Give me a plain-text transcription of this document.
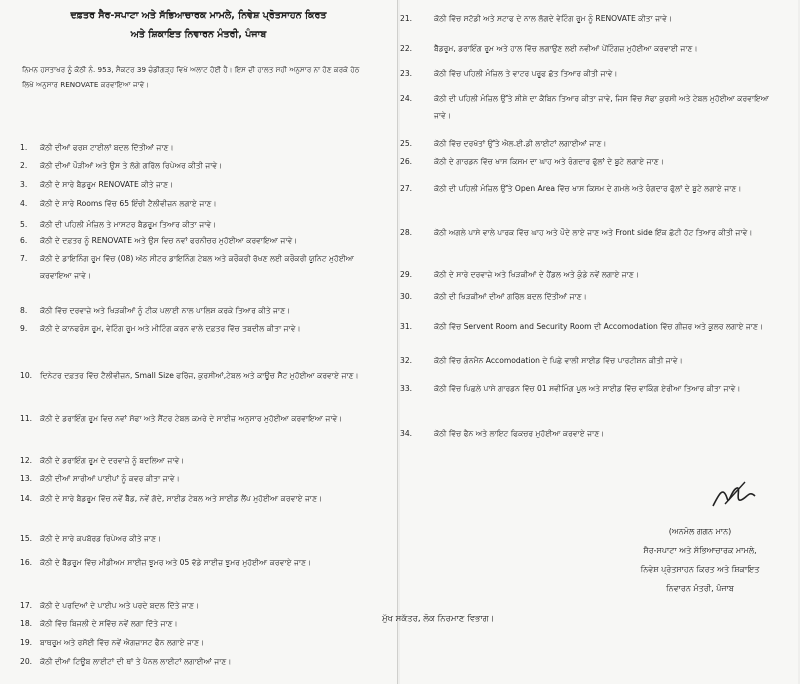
ਦਫ਼ਤਰ ਸੈਰ-ਸਪਾਟਾ ਅਤੇ ਸੱਭਿਆਚਾਰਕ ਮਾਮਲੇ, ਨਿਵੇਸ਼ ਪ੍ਰੋਤਸਾਹਨ ਕਿਰਤ
ਅਤੇ ਸ਼ਿਕਾਇਤ ਨਿਵਾਰਨ ਮੰਤਰੀ, ਪੰਜਾਬ
ਨਿਮਨ ਹਸਤਾਖਰ ਨੂੰ ਕੋਠੀ ਨੰ. 953, ਸੈਕਟਰ 39 ਚੰਡੀਗੜ੍ਹ ਵਿਖੇ ਅਲਾਟ ਹੋਈ ਹੈ। ਇਸ ਦੀ ਹਾਲਤ ਸਹੀ ਅਨੁਸਾਰ ਨਾ ਹੋਣ ਕਰਕੇ ਹੇਠ ਲਿਖੇ ਅਨੁਸਾਰ RENOVATE ਕਰਵਾਇਆ ਜਾਵੇ।
1.	ਕੋਠੀ ਦੀਆਂ ਫਰਸ਼ ਟਾਈਲਾਂ ਬਦਲ ਦਿੱਤੀਆਂ ਜਾਣ।
2.	ਕੋਠੀ ਦੀਆਂ ਪੌੜੀਆਂ ਅਤੇ ਉਸ ਤੇ ਲੱਗੇ ਗਰਿੱਲ ਰਿਪੇਅਰ ਕੀਤੀ ਜਾਵੇ।
3.	ਕੋਠੀ ਦੇ ਸਾਰੇ ਬੈਡਰੂਮ RENOVATE ਕੀਤੇ ਜਾਣ।
4.	ਕੋਠੀ ਦੇ ਸਾਰੇ Rooms ਵਿੱਚ 65 ਇੰਚੀ ਟੈਲੀਵੀਜ਼ਨ ਲਗਾਏ ਜਾਣ।
5.	ਕੋਠੀ ਦੀ ਪਹਿਲੀ ਮੰਜ਼ਿਲ ਤੇ ਮਾਸਟਰ ਬੈਡਰੂਮ ਤਿਆਰ ਕੀਤਾ ਜਾਵੇ।
6.	ਕੋਠੀ ਦੇ ਦਫ਼ਤਰ ਨੂੰ RENOVATE ਅਤੇ ਉਸ ਵਿਚ ਨਵਾਂ ਫਰਨੀਚਰ ਮੁਹੱਈਆ ਕਰਵਾਇਆ ਜਾਵੇ।
7.	ਕੋਠੀ ਦੇ ਡਾਇਨਿੰਗ ਰੂਮ ਵਿੱਚ (08) ਅੱਠ ਸੀਟਰ ਡਾਇਨਿੰਗ ਟੇਬਲ ਅਤੇ ਕਰੌਕਰੀ ਰੱਖਣ ਲਈ ਕਰੌਕਰੀ ਯੂਨਿਟ ਮੁਹੱਈਆ ਕਰਵਾਇਆ ਜਾਵੇ।
8.	ਕੋਠੀ ਵਿੱਚ ਦਰਵਾਜ਼ੇ ਅਤੇ ਖਿੜਕੀਆਂ ਨੂੰ ਟੀਕ ਪਲਾਈ ਨਾਲ ਪਾਲਿਸ਼ ਕਰਕੇ ਤਿਆਰ ਕੀਤੇ ਜਾਣ।
9.	ਕੋਠੀ ਦੇ ਕਾਨਫਰੰਸ ਰੂਮ, ਵੇਟਿੰਗ ਰੂਮ ਅਤੇ ਮੀਟਿੰਗ ਕਰਨ ਵਾਲੇ ਦਫ਼ਤਰ ਵਿੱਚ ਤਬਦੀਲ ਕੀਤਾ ਜਾਵੇ।
10.	ਦਿਨੇਟਰ ਦਫ਼ਤਰ ਵਿੱਚ ਟੈਲੀਵੀਜ਼ਨ, Small Size ਫਰਿੱਜ, ਕੁਰਸੀਆਂ,ਟੇਬਲ ਅਤੇ ਕਾਊਚ ਸੈੱਟ ਮੁਹੱਈਆ ਕਰਵਾਏ ਜਾਣ।
11.	ਕੋਠੀ ਦੇ ਡਰਾਇੰਗ ਰੂਮ ਵਿਚ ਨਵਾਂ ਸੋਫਾ ਅਤੇ ਸੈਂਟਰ ਟੇਬਲ ਕਮਰੇ ਦੇ ਸਾਈਜ਼ ਅਨੁਸਾਰ ਮੁਹੱਈਆ ਕਰਵਾਇਆ ਜਾਵੇ।
12.	ਕੋਠੀ ਦੇ ਡਰਾਇੰਗ ਰੂਮ ਦੇ ਦਰਵਾਜ਼ੇ ਨੂੰ ਬਦਲਿਆ ਜਾਵੇ।
13.	ਕੋਠੀ ਦੀਆਂ ਸਾਰੀਆਂ ਪਾਈਪਾਂ ਨੂੰ ਕਵਰ ਕੀਤਾ ਜਾਵੇ।
14.	ਕੋਠੀ ਦੇ ਸਾਰੇ ਬੈਡਰੂਮ ਵਿੱਚ ਨਵੇਂ ਬੈੱਡ, ਨਵੇਂ ਗੱਦੇ, ਸਾਈਡ ਟੇਬਲ ਅਤੇ ਸਾਈਡ ਲੈਂਪ ਮੁਹੱਈਆ ਕਰਵਾਏ ਜਾਣ।
15.	ਕੋਠੀ ਦੇ ਸਾਰੇ ਕਪਬੋਰਡ ਰਿਪੇਅਰ ਕੀਤੇ ਜਾਣ।
16.	ਕੋਠੀ ਦੇ ਬੈੱਡਰੂਮ ਵਿੱਚ ਮੀਡੀਅਮ ਸਾਈਜ਼ ਝੂਮਰ ਅਤੇ 05 ਵੱਡੇ ਸਾਈਜ਼ ਝੂਮਰ ਮੁਹੱਈਆ ਕਰਵਾਏ ਜਾਣ।
17.	ਕੋਠੀ ਦੇ ਪਰਦਿਆਂ ਦੇ ਪਾਈਪ ਅਤੇ ਪਰਦੇ ਬਦਲ ਦਿੱਤੇ ਜਾਣ।
18.	ਕੋਠੀ ਵਿੱਚ ਬਿਜਲੀ ਦੇ ਸਵਿੱਚ ਨਵੇਂ ਲਗਾ ਦਿੱਤੇ ਜਾਣ।
19.	ਬਾਥਰੂਮ ਅਤੇ ਰਸੋਈ ਵਿੱਚ ਨਵੇਂ ਐਗਜ਼ਾਸਟ ਫੈਨ ਲਗਾਏ ਜਾਣ।
20.	ਕੋਠੀ ਦੀਆਂ ਟਿਊਬ ਲਾਈਟਾਂ ਦੀ ਥਾਂ ਤੇ ਪੈਨਲ ਲਾਈਟਾਂ ਲਗਾਈਆਂ ਜਾਣ।
21.	ਕੋਠੀ ਵਿੱਚ ਸਟੱਡੀ ਅਤੇ ਸਟਾਫ ਦੇ ਨਾਲ ਲੱਗਦੇ ਵੇਟਿੰਗ ਰੂਮ ਨੂੰ RENOVATE ਕੀਤਾ ਜਾਵੇ।
22.	ਬੈੱਡਰੂਮ, ਡਰਾਇੰਗ ਰੂਮ ਅਤੇ ਹਾਲ ਵਿੱਚ ਲਗਾਉਣ ਲਈ ਨਵੀਆਂ ਪੇਂਟਿੰਗਜ਼ ਮੁਹੱਈਆ ਕਰਵਾਈ ਜਾਣ।
23.	ਕੋਠੀ ਵਿੱਚ ਪਹਿਲੀ ਮੰਜ਼ਿਲ ਤੇ ਵਾਟਰ ਪਰੂਫ ਛੱਤ ਤਿਆਰ ਕੀਤੀ ਜਾਵੇ।
24.	ਕੋਠੀ ਦੀ ਪਹਿਲੀ ਮੰਜ਼ਿਲ ਉੱਤੇ ਸ਼ੀਸ਼ੇ ਦਾ ਕੈਬਿਨ ਤਿਆਰ ਕੀਤਾ ਜਾਵੇ, ਜਿਸ ਵਿੱਚ ਸੋਫਾ ਕੁਰਸੀ ਅਤੇ ਟੇਬਲ ਮੁਹੱਈਆ ਕਰਵਾਇਆ ਜਾਵੇ।
25.	ਕੋਠੀ ਵਿੱਚ ਦਰਖੱਤਾਂ ਉੱਤੇ ਐਲ.ਈ.ਡੀ ਲਾਈਟਾਂ ਲਗਾਈਆਂ ਜਾਣ।
26.	ਕੋਠੀ ਦੇ ਗਾਰਡਨ ਵਿੱਚ ਖਾਸ ਕਿਸਮ ਦਾ ਘਾਹ ਅਤੇ ਰੰਗਦਾਰ ਫੁੱਲਾਂ ਦੇ ਬੂਟੇ ਲਗਾਏ ਜਾਣ।
27.	ਕੋਠੀ ਦੀ ਪਹਿਲੀ ਮੰਜ਼ਿਲ ਉੱਤੇ Open Area ਵਿੱਚ ਖਾਸ ਕਿਸਮ ਦੇ ਗਮਲੇ ਅਤੇ ਰੰਗਦਾਰ ਫੁੱਲਾਂ ਦੇ ਬੂਟੇ ਲਗਾਏ ਜਾਣ।
28.	ਕੋਠੀ ਅਗਲੇ ਪਾਸੇ ਵਾਲੇ ਪਾਰਕ ਵਿੱਚ ਘਾਹ ਅਤੇ ਪੌਦੇ ਲਾਏ ਜਾਣ ਅਤੇ Front side ਇੱਕ ਛੋਟੀ ਹੱਟ ਤਿਆਰ ਕੀਤੀ ਜਾਵੇ।
29.	ਕੋਠੀ ਦੇ ਸਾਰੇ ਦਰਵਾਜ਼ੇ ਅਤੇ ਖਿੜਕੀਆਂ ਦੇ ਹੈਂਡਲ ਅਤੇ ਕੁੰਡੇ ਨਵੇਂ ਲਗਾਏ ਜਾਣ।
30.	ਕੋਠੀ ਦੀ ਖਿੜਕੀਆਂ ਦੀਆਂ ਗਰਿੱਲ ਬਦਲ ਦਿੱਤੀਆਂ ਜਾਣ।
31.	ਕੋਠੀ ਵਿੱਚ Servent Room and Security Room ਦੀ Accomodation ਵਿੱਚ ਗੀਜ਼ਰ ਅਤੇ ਕੂਲਰ ਲਗਾਏ ਜਾਣ।
32.	ਕੋਠੀ ਵਿੱਚ ਗੰਨਮੈਨ Accomodation ਦੇ ਪਿਛੇ ਵਾਲੀ ਸਾਈਡ ਵਿੱਚ ਪਾਰਟੀਸ਼ਨ ਕੀਤੀ ਜਾਵੇ।
33.	ਕੋਠੀ ਵਿੱਚ ਪਿਛਲੇ ਪਾਸੇ ਗਾਰਡਨ ਵਿੱਚ 01 ਸਵੀਮਿੰਗ ਪੂਲ ਅਤੇ ਸਾਈਡ ਵਿੱਚ ਵਾਕਿੰਗ ਏਰੀਆ ਤਿਆਰ ਕੀਤਾ ਜਾਵੇ।
34.	ਕੋਠੀ ਵਿੱਚ ਫੈਨ ਅਤੇ ਲਾਇਟ ਫਿਕਚਰ ਮੁਹੱਈਆ ਕਰਵਾਏ ਜਾਣ।
(ਅਨਮੋਲ ਗਗਨ ਮਾਨ)
ਸੈਰ-ਸਪਾਟਾ ਅਤੇ ਸੱਭਿਆਚਾਰਕ ਮਾਮਲੇ,
ਨਿਵੇਸ਼ ਪ੍ਰੋਤਸਾਹਨ ਕਿਰਤ ਅਤੇ ਸ਼ਿਕਾਇਤ
ਨਿਵਾਰਨ ਮੰਤਰੀ, ਪੰਜਾਬ
ਮੁੱਖ ਸਕੱਤਰ, ਲੋਕ ਨਿਰਮਾਣ ਵਿਭਾਗ।
